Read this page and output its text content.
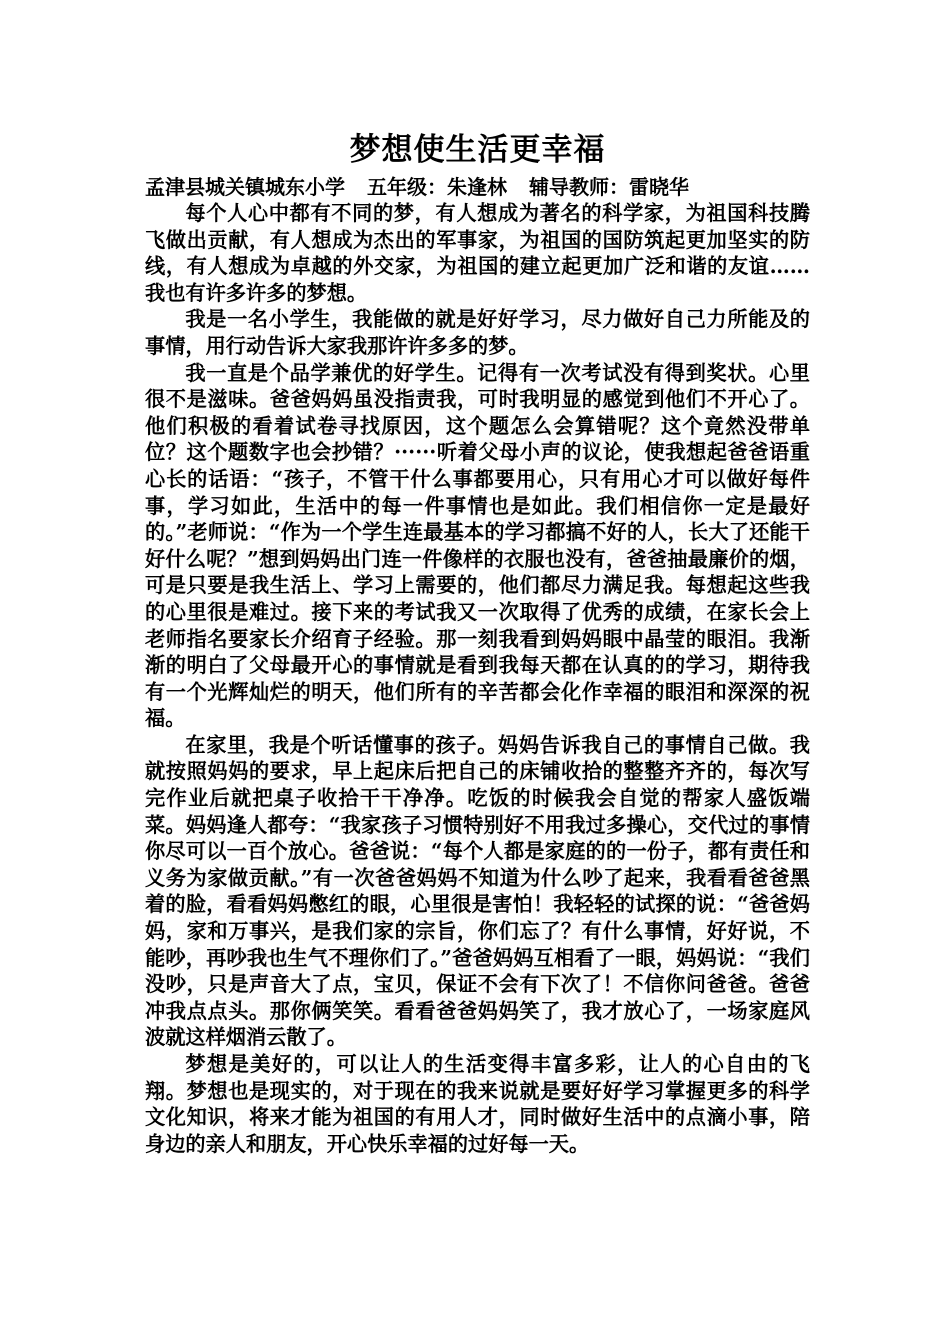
梦想使生活更幸福

孟津县城关镇城东小学 五年级：朱逢林 辅导教师：雷晓华

每个人心中都有不同的梦，有人想成为著名的科学家，为祖国科技腾飞做出贡献，有人想成为杰出的军事家，为祖国的国防筑起更加坚实的防线，有人想成为卓越的外交家，为祖国的建立起更加广泛和谐的友谊……我也有许多许多的梦想。

我是一名小学生，我能做的就是好好学习，尽力做好自己力所能及的事情，用行动告诉大家我那许许多多的梦。

我一直是个品学兼优的好学生。记得有一次考试没有得到奖状。心里很不是滋味。爸爸妈妈虽没指责我，可时我明显的感觉到他们不开心了。他们积极的看着试卷寻找原因，这个题怎么会算错呢？这个竟然没带单位？这个题数字也会抄错？······听着父母小声的议论，使我想起爸爸语重心长的话语：“孩子，不管干什么事都要用心，只有用心才可以做好每件事，学习如此，生活中的每一件事情也是如此。我们相信你一定是最好的。”老师说：“作为一个学生连最基本的学习都搞不好的人，长大了还能干好什么呢？”想到妈妈出门连一件像样的衣服也没有，爸爸抽最廉价的烟，可是只要是我生活上、学习上需要的，他们都尽力满足我。每想起这些我的心里很是难过。接下来的考试我又一次取得了优秀的成绩，在家长会上老师指名要家长介绍育子经验。那一刻我看到妈妈眼中晶莹的眼泪。我渐渐的明白了父母最开心的事情就是看到我每天都在认真的的学习，期待我有一个光辉灿烂的明天，他们所有的辛苦都会化作幸福的眼泪和深深的祝福。

在家里，我是个听话懂事的孩子。妈妈告诉我自己的事情自己做。我就按照妈妈的要求，早上起床后把自己的床铺收拾的整整齐齐的，每次写完作业后就把桌子收拾干干净净。吃饭的时候我会自觉的帮家人盛饭端菜。妈妈逢人都夸：“我家孩子习惯特别好不用我过多操心，交代过的事情你尽可以一百个放心。爸爸说：“每个人都是家庭的的一份子，都有责任和义务为家做贡献。”有一次爸爸妈妈不知道为什么吵了起来，我看看爸爸黑着的脸，看看妈妈憋红的眼，心里很是害怕！我轻轻的试探的说：“爸爸妈妈，家和万事兴，是我们家的宗旨，你们忘了？有什么事情，好好说，不能吵，再吵我也生气不理你们了。”爸爸妈妈互相看了一眼，妈妈说：“我们没吵，只是声音大了点，宝贝，保证不会有下次了！不信你问爸爸。爸爸冲我点点头。那你俩笑笑。看看爸爸妈妈笑了，我才放心了，一场家庭风波就这样烟消云散了。

梦想是美好的，可以让人的生活变得丰富多彩，让人的心自由的飞翔。梦想也是现实的，对于现在的我来说就是要好好学习掌握更多的科学文化知识，将来才能为祖国的有用人才，同时做好生活中的点滴小事，陪身边的亲人和朋友，开心快乐幸福的过好每一天。
